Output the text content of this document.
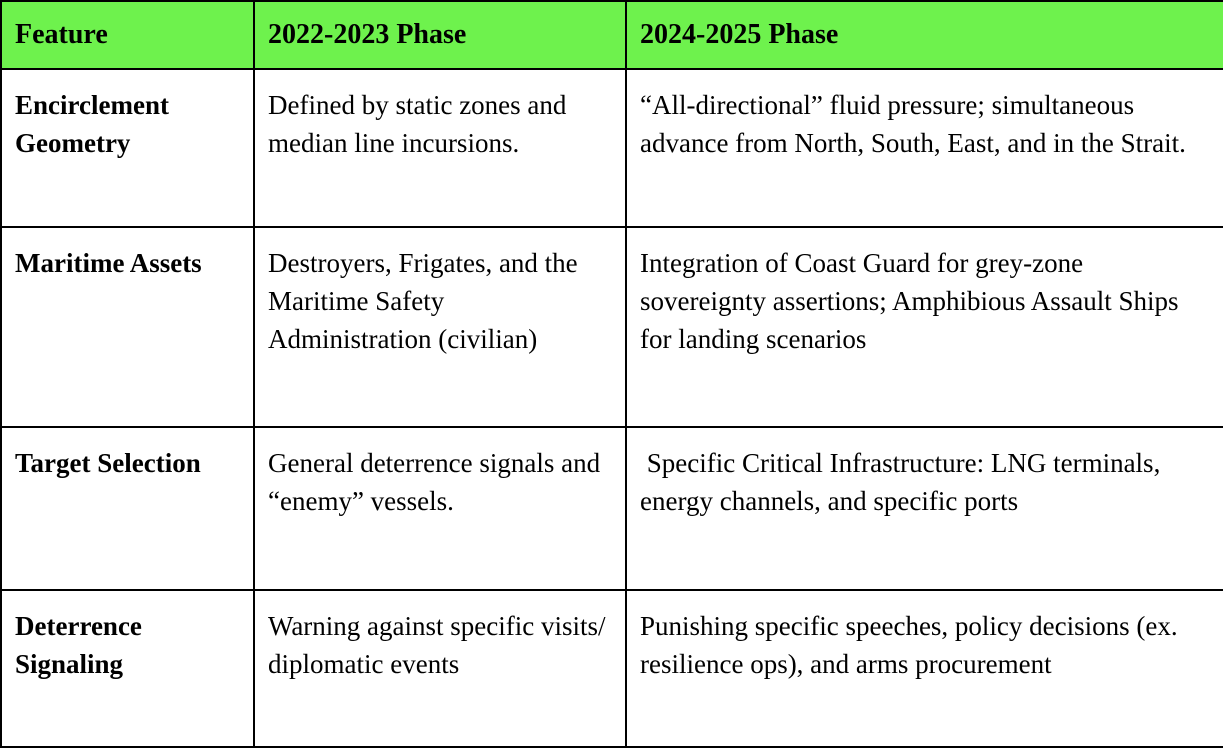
Feature	2022-2023 Phase	2024-2025 Phase
Encirclement Geometry	Defined by static zones and median line incursions.	“All-directional” fluid pressure; simultaneous advance from North, South, East, and in the Strait.
Maritime Assets	Destroyers, Frigates, and the Maritime Safety Administration (civilian)	Integration of Coast Guard for grey-zone sovereignty assertions; Amphibious Assault Ships for landing scenarios
Target Selection	General deterrence signals and “enemy” vessels.	Specific Critical Infrastructure: LNG terminals, energy channels, and specific ports
Deterrence Signaling	Warning against specific visits/ diplomatic events	Punishing specific speeches, policy decisions (ex. resilience ops), and arms procurement
